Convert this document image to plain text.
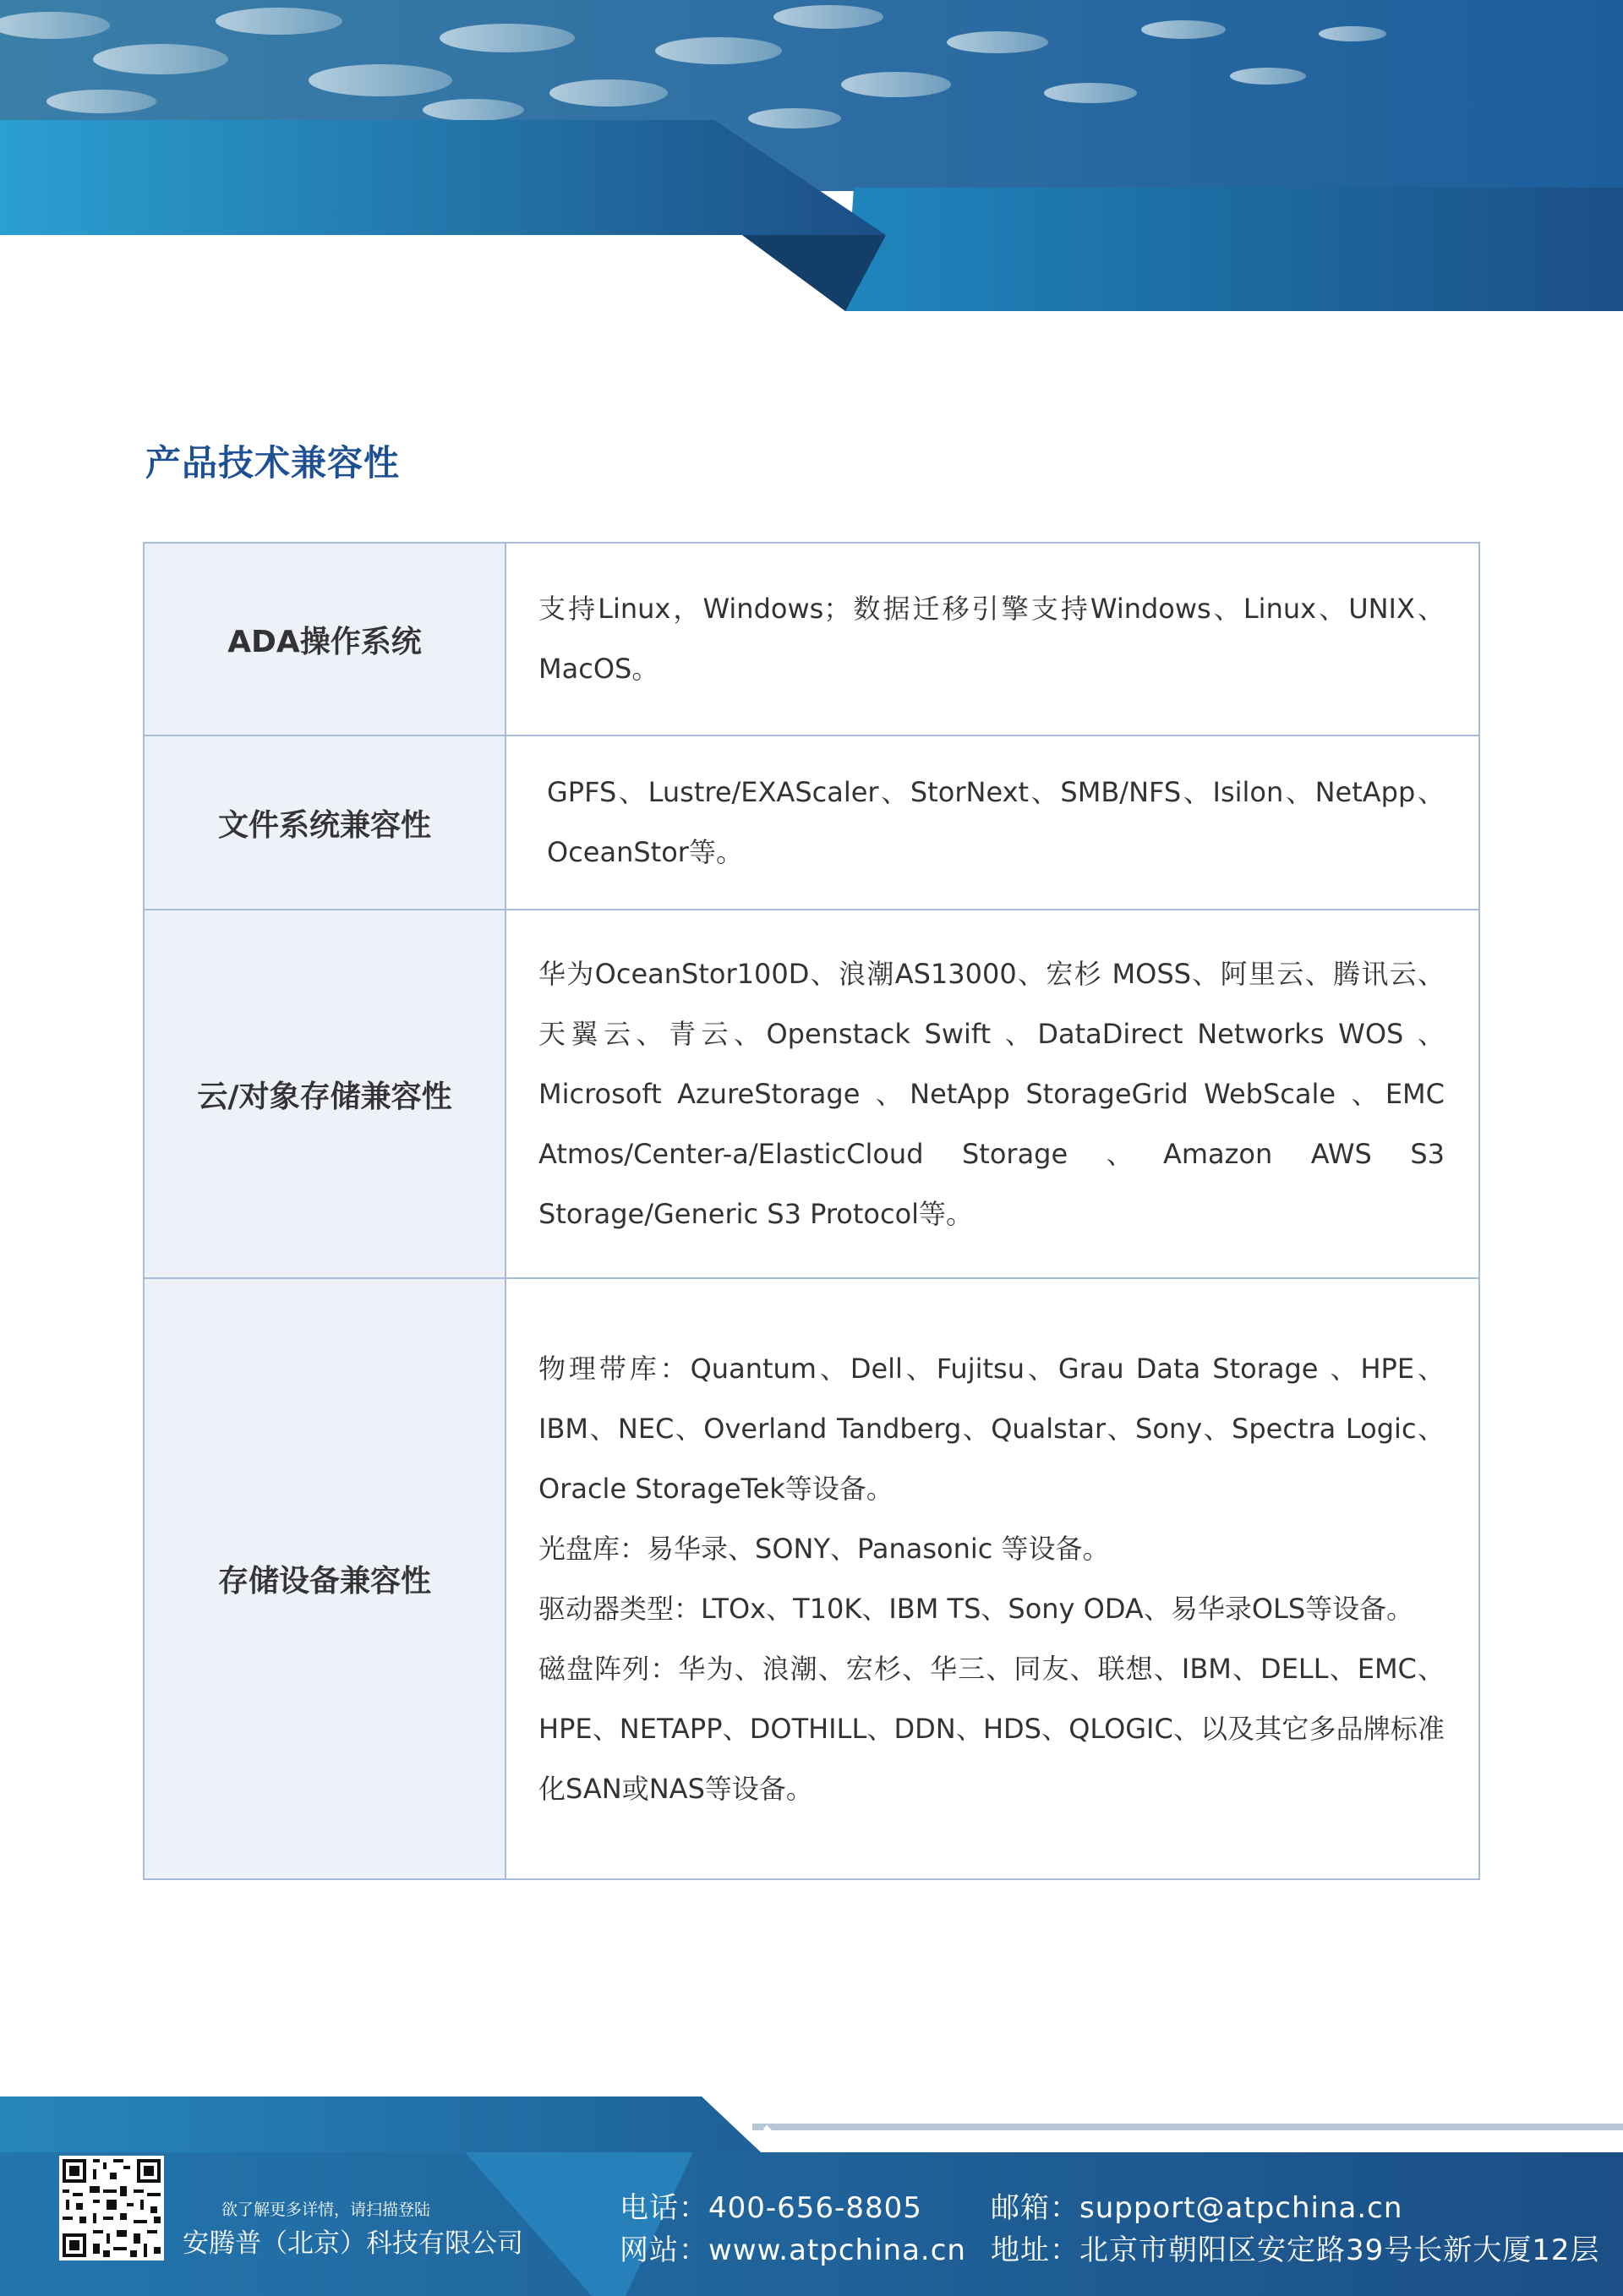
产品技术兼容性
ADA操作系统	支持Linux，Windows；数据迁移引擎支持Windows、Linux、UNIX、MacOS。

文件系统兼容性	GPFS、Lustre/EXAScaler、StorNext、SMB/NFS、Isilon、NetApp、OceanStor等。

云/对象存储兼容性	华为OceanStor100D、浪潮AS13000、宏杉 MOSS、阿里云、腾讯云、天翼云、青云、Openstack Swift 、DataDirect Networks WOS 、Microsoft AzureStorage 、NetApp StorageGrid WebScale 、EMC Atmos/Center-a/ElasticCloud Storage 、Amazon AWS S3 Storage/Generic S3 Protocol等。

存储设备兼容性	物理带库：Quantum、Dell、Fujitsu、Grau Data Storage 、HPE、IBM、NEC、Overland Tandberg、Qualstar、Sony、Spectra Logic、Oracle StorageTek等设备。

光盘库：易华录、SONY、Panasonic 等设备。

驱动器类型：LTOx、T10K、IBM TS、Sony ODA、易华录OLS等设备。

磁盘阵列：华为、浪潮、宏杉、华三、同友、联想、IBM、DELL、EMC、HPE、NETAPP、DOTHILL、DDN、HDS、QLOGIC、以及其它多品牌标准化SAN或NAS等设备。

欲了解更多详情，请扫描登陆
安腾普（北京）科技有限公司
电话：400-656-8805
网站：www.atpchina.cn
邮箱：support@atpchina.cn
地址：北京市朝阳区安定路39号长新大厦12层
